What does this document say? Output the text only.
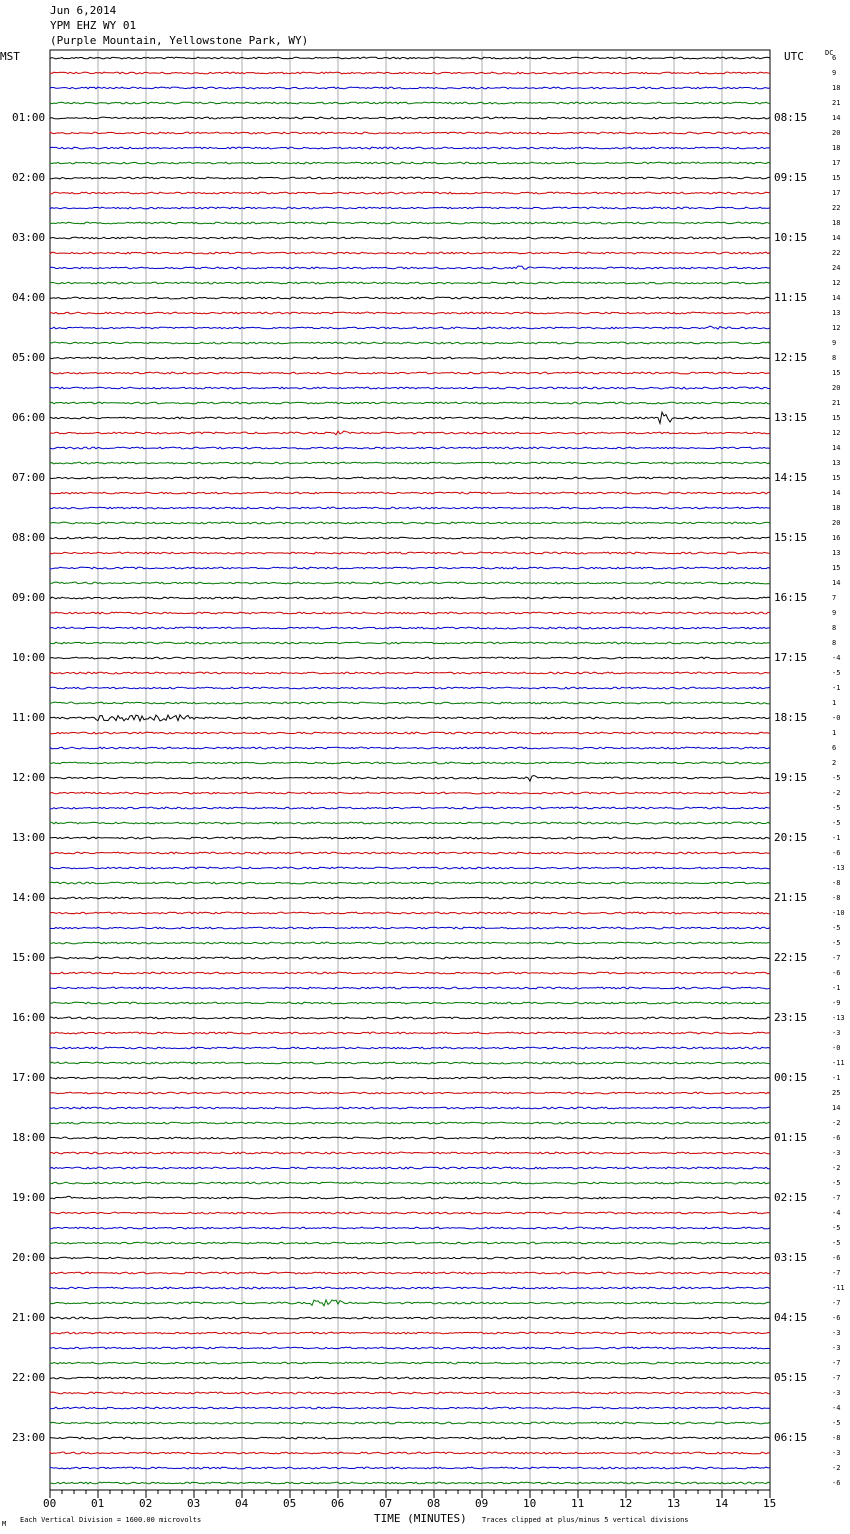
Jun 6,2014
YPM EHZ WY 01
(Purple Mountain, Yellowstone Park, WY)
MST	UTC	DC
6
9
18
21
14
20
18
17
15
17
22
18
14
22
24
12
14
13
12
9
8
15
20
21
15
12
14
13
15
14
18
20
16
13
15
14
7
9
8
8
-4
-5
-1
1
-0
1
6
2
-5
-2
-5
-5
-1
-6
-13
-8
-8
-10
-5
-5
-7
-6
-1
-9
-13
-3
-0
-11
-1
25
14
-2
-6
-3
-2
-5
-7
-4
-5
-5
-6
-7
-11
-7
-6
-3
-3
-7
-7
-3
-4
-5
-8
-3
-2
-6
01:00	08:15
02:00	09:15
03:00	10:15
04:00	11:15
05:00	12:15
06:00	13:15
07:00	14:15
08:00	15:15
09:00	16:15
10:00	17:15
11:00	18:15
12:00	19:15
13:00	20:15
14:00	21:15
15:00	22:15
16:00	23:15
17:00	00:15
18:00	01:15
19:00	02:15
20:00	03:15
21:00	04:15
22:00	05:15
23:00	06:15
00	01	02	03	04	05	06	07	08	09	10	11	12	13	14	15
TIME (MINUTES)
Each Vertical Division = 1600.00 microvolts	Traces clipped at plus/minus 5 vertical divisions
M
